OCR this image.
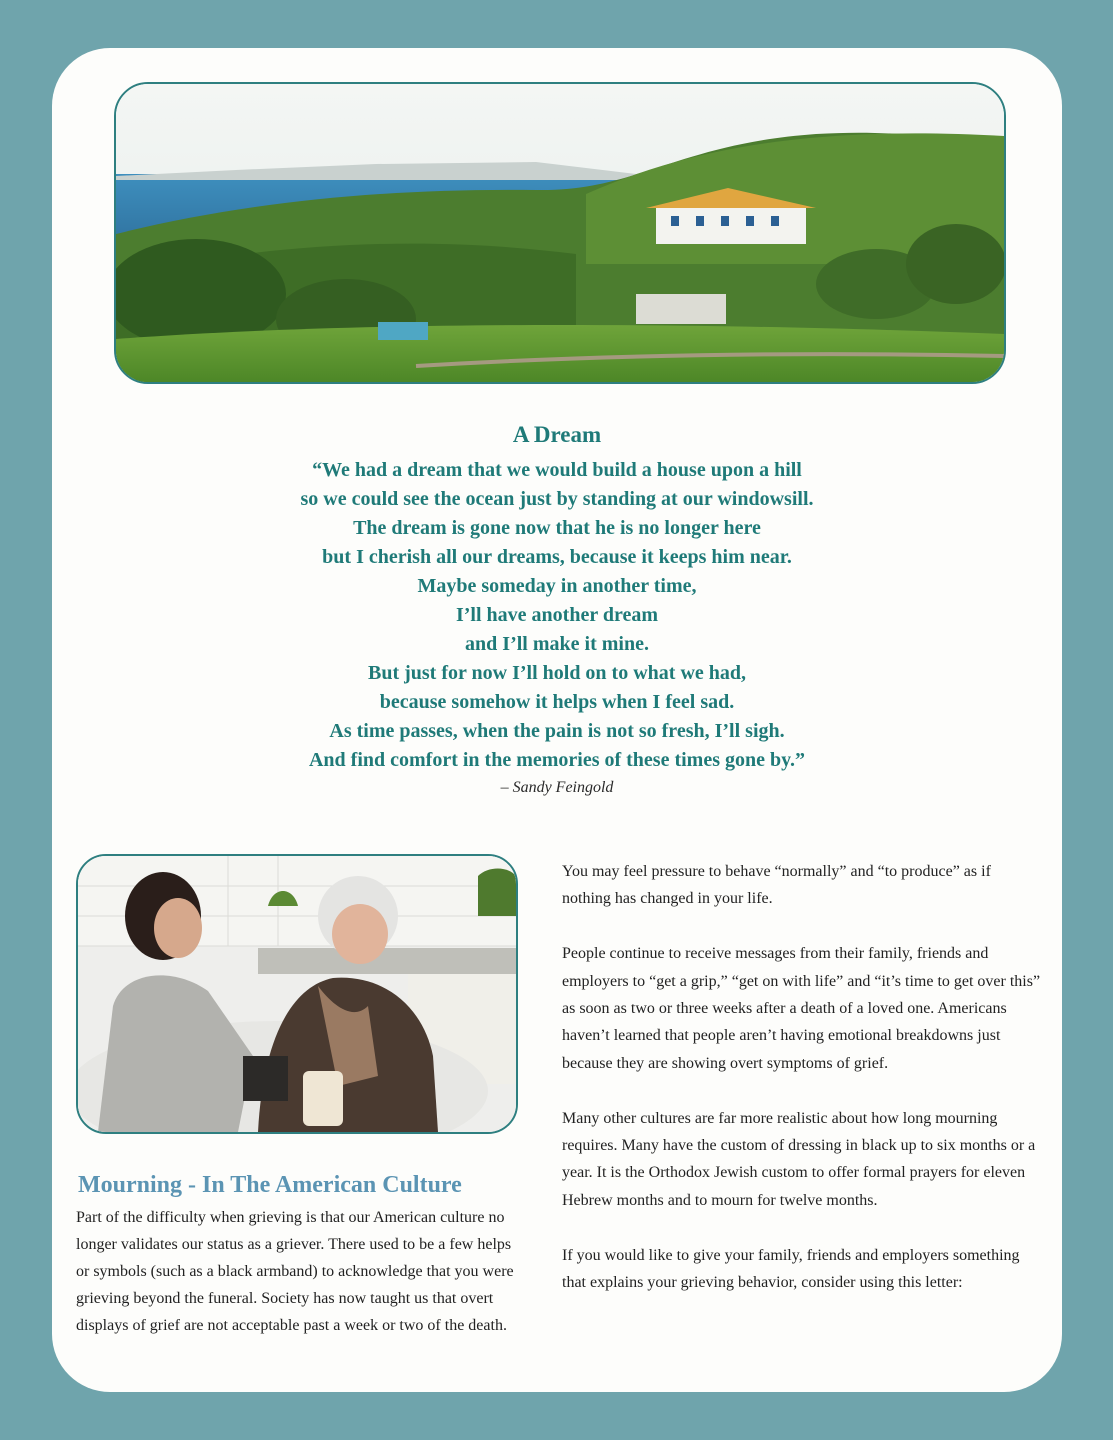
A Dream

“We had a dream that we would build a house upon a hill

so we could see the ocean just by standing at our windowsill.

The dream is gone now that he is no longer here

but I cherish all our dreams, because it keeps him near.

Maybe someday in another time,

I’ll have another dream

and I’ll make it mine.

But just for now I’ll hold on to what we had,

because somehow it helps when I feel sad.

As time passes, when the pain is not so fresh, I’ll sigh.

And find comfort in the memories of these times gone by.”

– Sandy Feingold
Mourning - In The American Culture

Part of the difficulty when grieving is that our American culture no longer validates our status as a griever. There used to be a few helps or symbols (such as a black armband) to acknowledge that you were grieving beyond the funeral. Society has now taught us that overt displays of grief are not acceptable past a week or two of the death.

You may feel pressure to behave “normally” and “to produce” as if nothing has changed in your life.

People continue to receive messages from their family, friends and employers to “get a grip,” “get on with life” and “it’s time to get over this” as soon as two or three weeks after a death of a loved one. Americans haven’t learned that people aren’t having emotional breakdowns just because they are showing overt symptoms of grief.

Many other cultures are far more realistic about how long mourning requires. Many have the custom of dressing in black up to six months or a year. It is the Orthodox Jewish custom to offer formal prayers for eleven Hebrew months and to mourn for twelve months.

If you would like to give your family, friends and employers something that explains your grieving behavior, consider using this letter:
